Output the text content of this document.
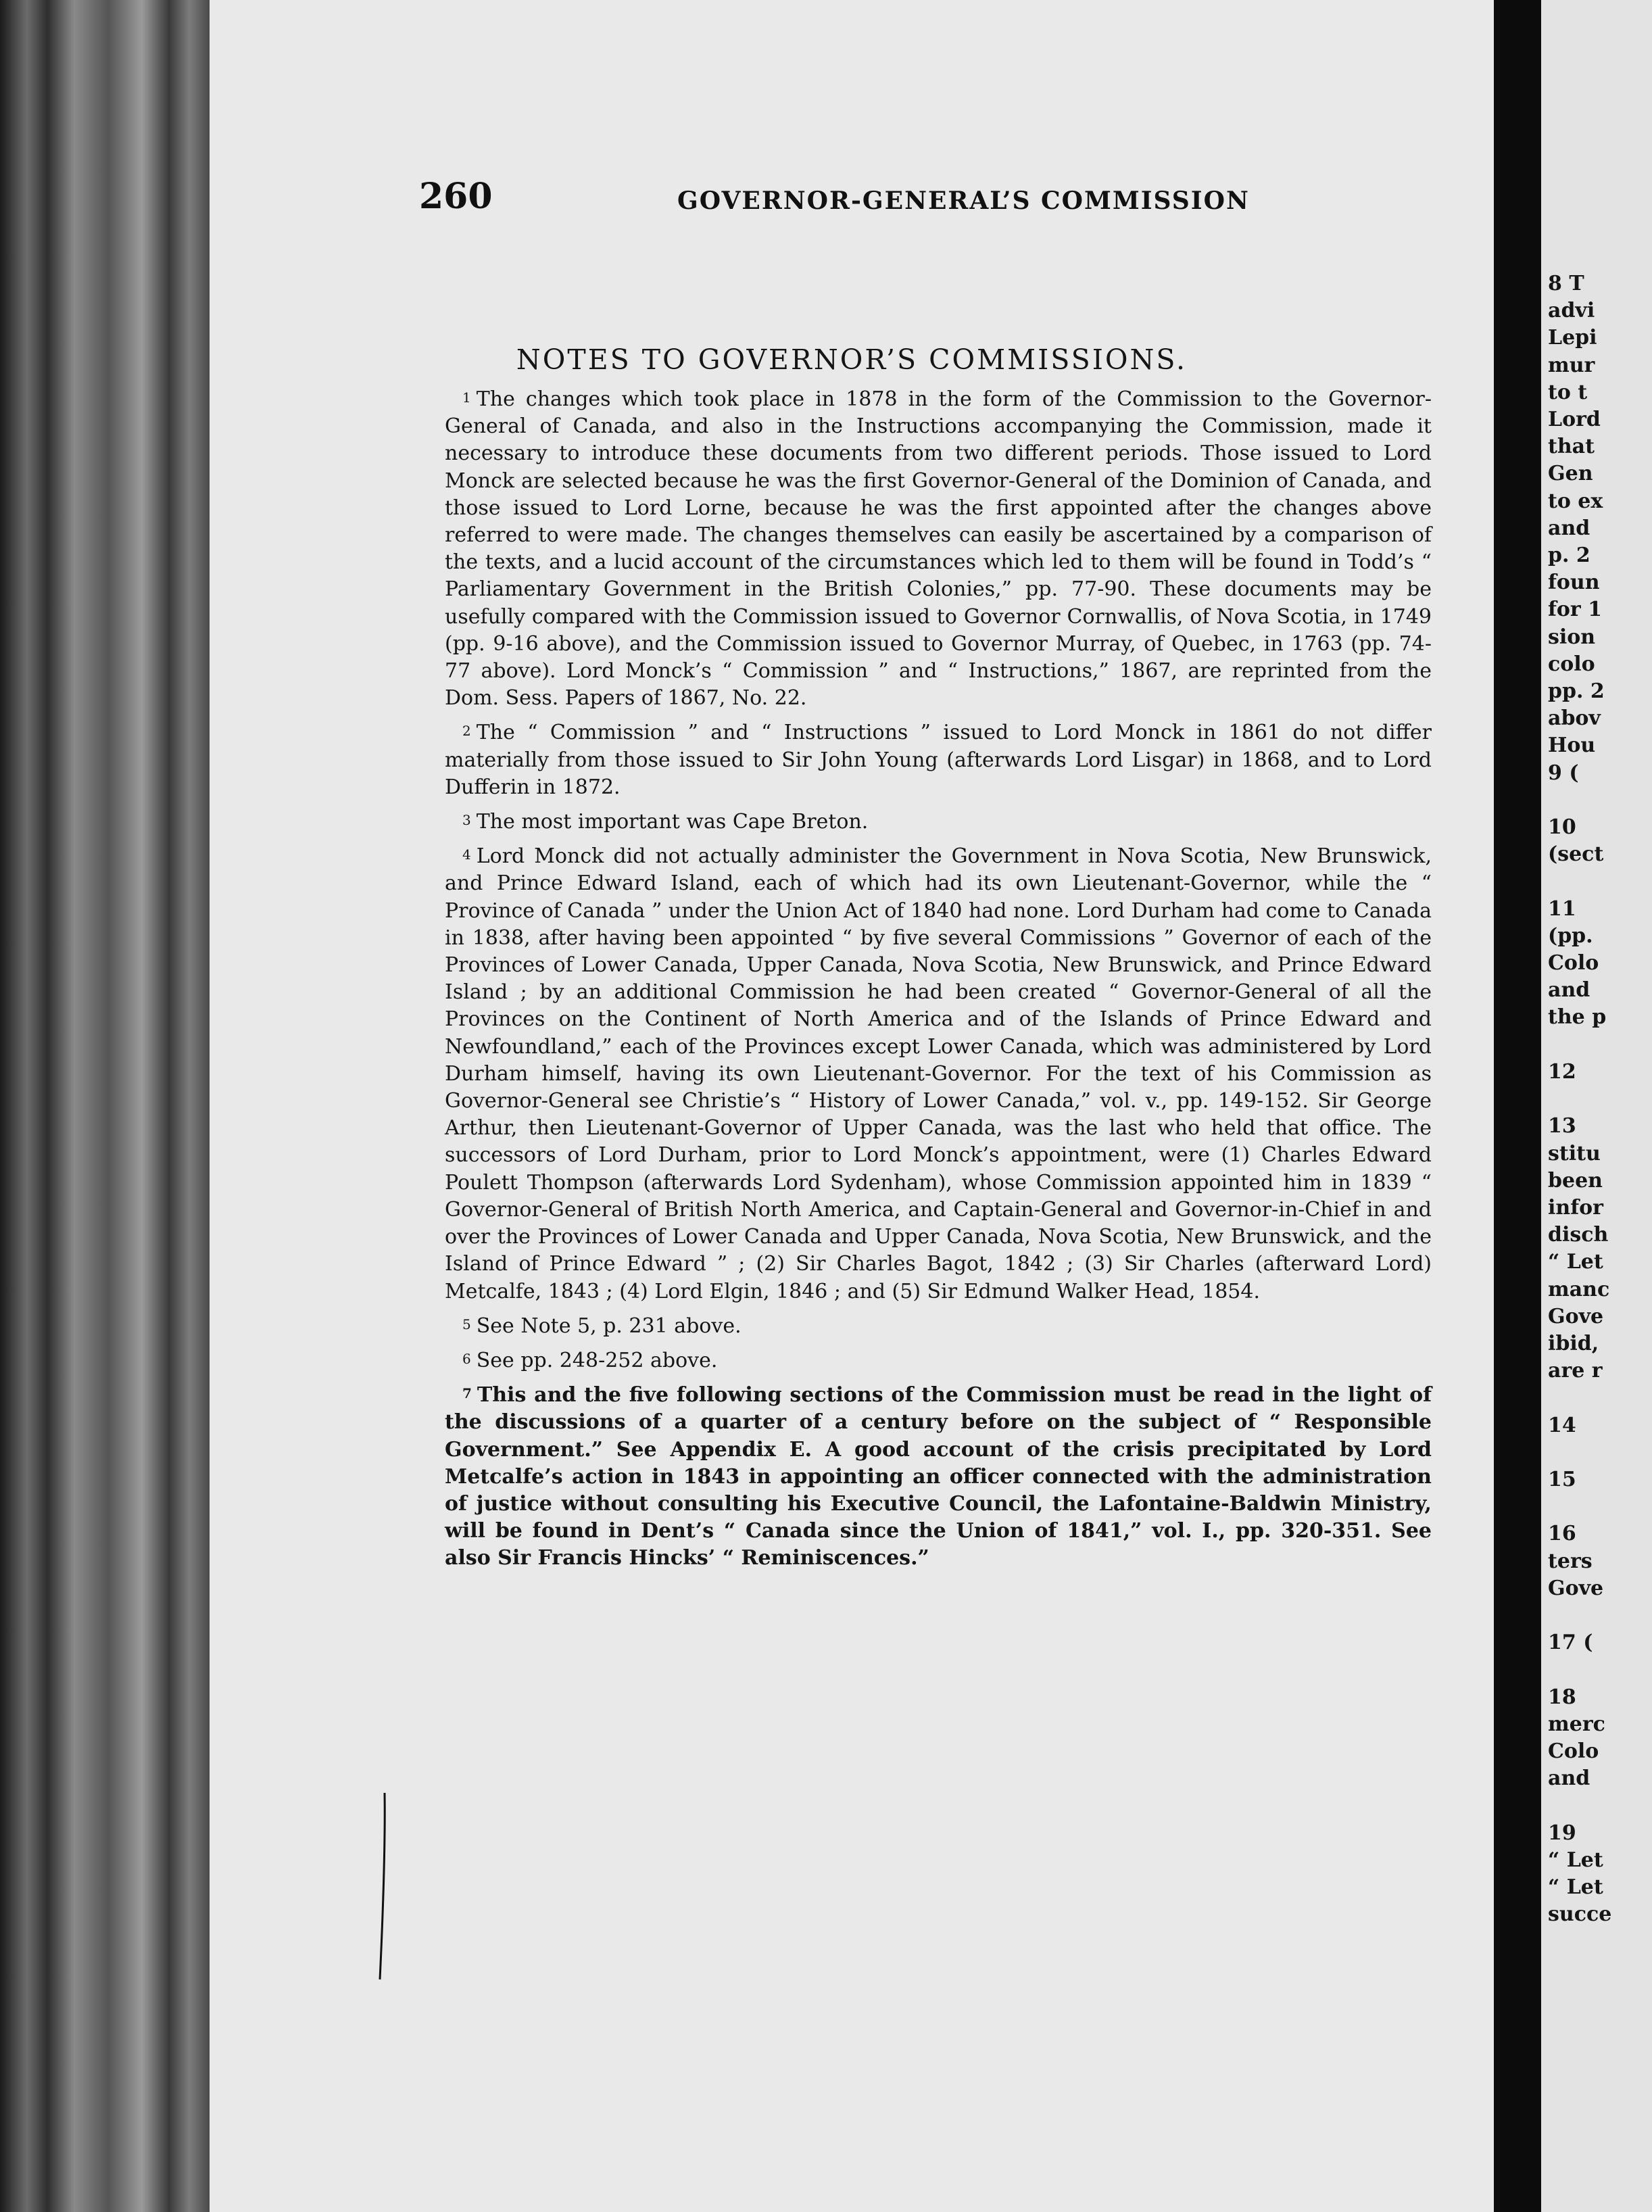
260	GOVERNOR-GENERAL’S COMMISSION
NOTES TO GOVERNOR’S COMMISSIONS.

1 The changes which took place in 1878 in the form of the Commission to the Governor-General of Canada, and also in the Instructions accompanying the Commission, made it necessary to introduce these documents from two different periods. Those issued to Lord Monck are selected because he was the first Governor-General of the Dominion of Canada, and those issued to Lord Lorne, because he was the first appointed after the changes above referred to were made. The changes themselves can easily be ascertained by a comparison of the texts, and a lucid account of the circumstances which led to them will be found in Todd’s “ Parliamentary Government in the British Colonies,” pp. 77-90. These documents may be usefully compared with the Commission issued to Governor Cornwallis, of Nova Scotia, in 1749 (pp. 9-16 above), and the Commission issued to Governor Murray, of Quebec, in 1763 (pp. 74-77 above). Lord Monck’s “ Commission ” and “ Instructions,” 1867, are reprinted from the Dom. Sess. Papers of 1867, No. 22.

2 The “ Commission ” and “ Instructions ” issued to Lord Monck in 1861 do not differ materially from those issued to Sir John Young (afterwards Lord Lisgar) in 1868, and to Lord Dufferin in 1872.

3 The most important was Cape Breton.

4 Lord Monck did not actually administer the Government in Nova Scotia, New Brunswick, and Prince Edward Island, each of which had its own Lieutenant-Governor, while the “ Province of Canada ” under the Union Act of 1840 had none. Lord Durham had come to Canada in 1838, after having been appointed “ by five several Commissions ” Governor of each of the Provinces of Lower Canada, Upper Canada, Nova Scotia, New Brunswick, and Prince Edward Island ; by an additional Commission he had been created “ Governor-General of all the Provinces on the Continent of North America and of the Islands of Prince Edward and Newfoundland,” each of the Provinces except Lower Canada, which was administered by Lord Durham himself, having its own Lieutenant-Governor. For the text of his Commission as Governor-General see Christie’s “ History of Lower Canada,” vol. v., pp. 149-152. Sir George Arthur, then Lieutenant-Governor of Upper Canada, was the last who held that office. The successors of Lord Durham, prior to Lord Monck’s appointment, were (1) Charles Edward Poulett Thompson (afterwards Lord Sydenham), whose Commission appointed him in 1839 “ Governor-General of British North America, and Captain-General and Governor-in-Chief in and over the Provinces of Lower Canada and Upper Canada, Nova Scotia, New Brunswick, and the Island of Prince Edward ” ; (2) Sir Charles Bagot, 1842 ; (3) Sir Charles (afterward Lord) Metcalfe, 1843 ; (4) Lord Elgin, 1846 ; and (5) Sir Edmund Walker Head, 1854.

5 See Note 5, p. 231 above.

6 See pp. 248-252 above.

7 This and the five following sections of the Commission must be read in the light of the discussions of a quarter of a century before on the subject of “ Responsible Government.” See Appendix E. A good account of the crisis precipitated by Lord Metcalfe’s action in 1843 in appointing an officer connected with the administration of justice without consulting his Executive Council, the Lafontaine-Baldwin Ministry, will be found in Dent’s “ Canada since the Union of 1841,” vol. I., pp. 320-351. See also Sir Francis Hincks’ “ Reminiscences.”

8 T
advi
Lepi
mur
to t
Lord
that
Gen
to ex
and
p. 2
foun
for 1
sion
colo
pp. 2
abov
Hou
9 (

10
(sect

11
(pp.
Colo
and
the p

12

13
stitu
been
infor
disch
“ Let
manc
Gove
ibid,
are r

14

15

16
ters
Gove

17 (

18
merc
Colo
and

19
“ Let
“ Let
succe
